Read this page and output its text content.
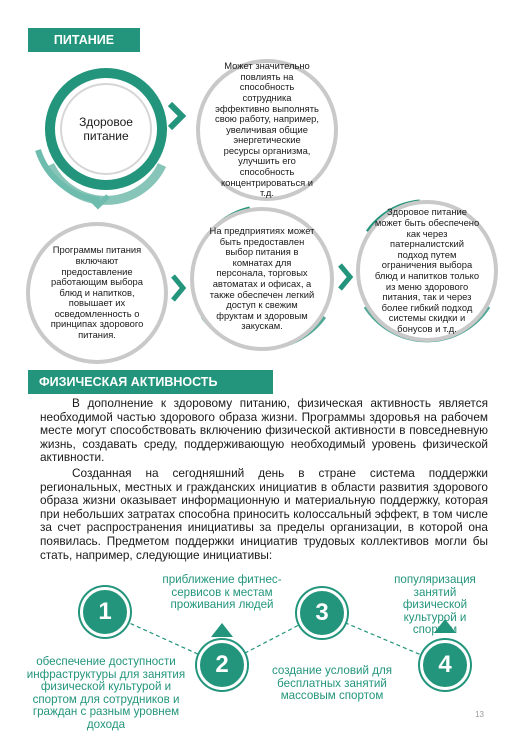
ПИТАНИЕ
Здоровое питание
Может значительно повлиять на способность сотрудника эффективно выполнять свою работу, например, увеличивая общие энергетические ресурсы организма, улучшить его способность концентрироваться и т.д.
Программы питания включают предоставление работающим выбора блюд и напитков, повышает их осведомленность о принципах здорового питания.
На предприятиях может быть предоставлен выбор питания в комнатах для персонала, торговых автоматах и офисах, а также обеспечен легкий доступ к свежим фруктам и здоровым закускам.
Здоровое питание может быть обеспечено как через патерналистский подход путем ограничения выбора блюд и напитков только из меню здорового питания, так и через более гибкий подход системы скидки и бонусов и т.д.
ФИЗИЧЕСКАЯ АКТИВНОСТЬ

В дополнение к здоровому питанию, физическая активность является необходимой частью здорового образа жизни. Программы здоровья на рабочем месте могут способствовать включению физической активности в повседневную жизнь, создавать среду, поддерживающую необходимый уровень физической активности.

Созданная на сегодняшний день в стране система поддержки региональных, местных и гражданских инициатив в области развития здорового образа жизни оказывает информационную и материальную поддержку, которая при небольших затратах способна приносить колоссальный эффект, в том числе за счет распространения инициативы за пределы организации, в которой она появилась. Предметом поддержки инициатив трудовых коллективов могли бы стать, например, следующие инициативы:

1
2
3
4
обеспечение доступности инфраструктуры для занятия физической культурой и спортом для сотрудников и граждан с разным уровнем дохода
приближение фитнес-сервисов к местам проживания людей
создание условий для бесплатных занятий массовым спортом
популяризация занятий физической культурой и спортом
13
